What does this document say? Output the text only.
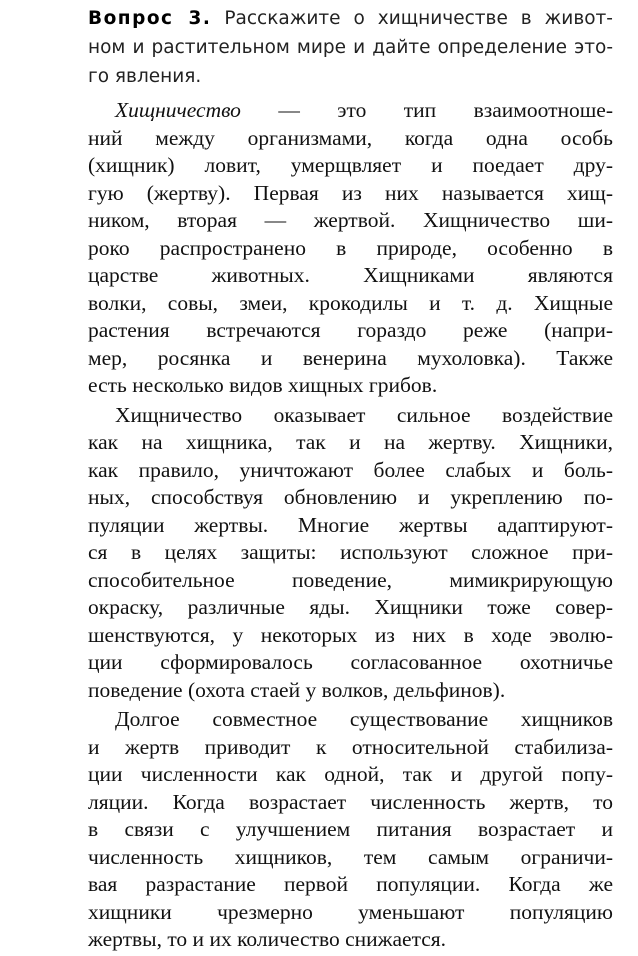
Вопрос 3. Расскажите о хищничестве в живот-
ном и растительном мире и дайте определение это-
го явления.
Хищничество — это тип взаимоотноше-
ний между организмами, когда одна особь
(хищник) ловит, умерщвляет и поедает дру-
гую (жертву). Первая из них называется хищ-
ником, вторая — жертвой. Хищничество ши-
роко распространено в природе, особенно в
царстве животных. Хищниками являются
волки, совы, змеи, крокодилы и т. д. Хищные
растения встречаются гораздо реже (напри-
мер, росянка и венерина мухоловка). Также
есть несколько видов хищных грибов.
Хищничество оказывает сильное воздействие
как на хищника, так и на жертву. Хищники,
как правило, уничтожают более слабых и боль-
ных, способствуя обновлению и укреплению по-
пуляции жертвы. Многие жертвы адаптируют-
ся в целях защиты: используют сложное при-
способительное поведение, мимикрирующую
окраску, различные яды. Хищники тоже совер-
шенствуются, у некоторых из них в ходе эволю-
ции сформировалось согласованное охотничье
поведение (охота стаей у волков, дельфинов).
Долгое совместное существование хищников
и жертв приводит к относительной стабилиза-
ции численности как одной, так и другой попу-
ляции. Когда возрастает численность жертв, то
в связи с улучшением питания возрастает и
численность хищников, тем самым ограничи-
вая разрастание первой популяции. Когда же
хищники чрезмерно уменьшают популяцию
жертвы, то и их количество снижается.
